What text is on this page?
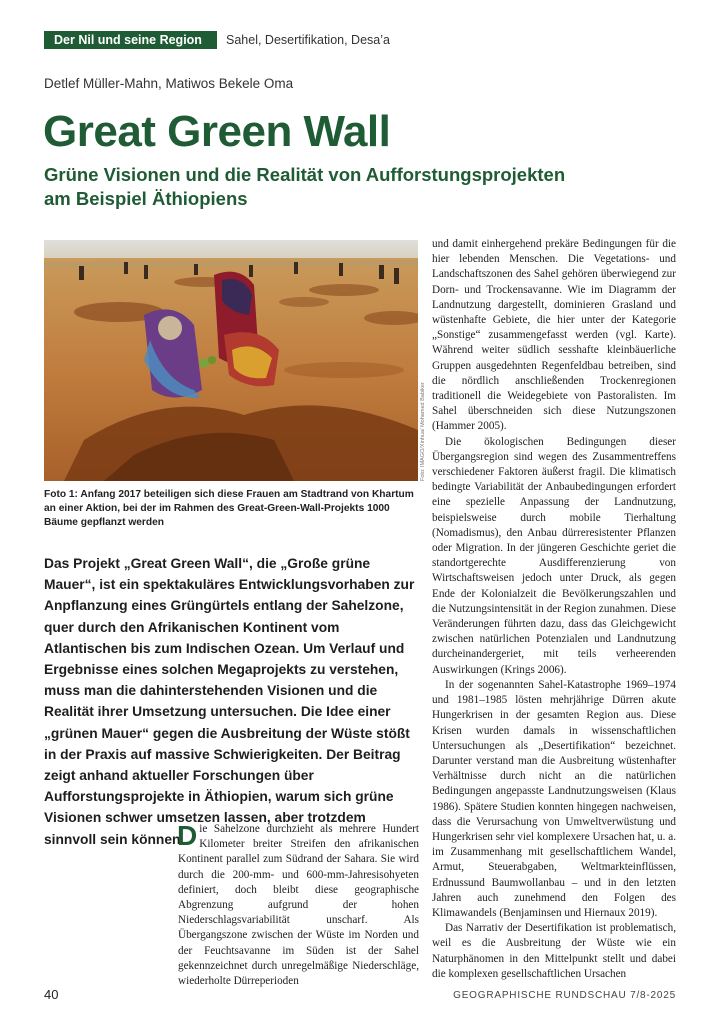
Der Nil und seine Region	Sahel, Desertifikation, Desa’a
Detlef Müller-Mahn, Matiwos Bekele Oma
Great Green Wall
Grüne Visionen und die Realität von Aufforstungsprojekten am Beispiel Äthiopiens
Foto: IMAGO/Xinhua/ Mohamed Babiker
Foto 1: Anfang 2017 beteiligen sich diese Frauen am Stadtrand von Khartum an einer Aktion, bei der im Rahmen des Great-Green-Wall-Projekts 1000 Bäume gepflanzt werden
Das Projekt „Great Green Wall“, die „Große grüne Mauer“, ist ein spektakuläres Entwicklungsvorhaben zur Anpflanzung eines Grüngürtels entlang der Sahelzone, quer durch den Afrikanischen Kontinent vom Atlantischen bis zum Indischen Ozean. Um Verlauf und Ergebnisse eines solchen Megaprojekts zu verstehen, muss man die dahinterstehenden Visionen und die Realität ihrer Umsetzung untersuchen. Die Idee einer „grünen Mauer“ gegen die Ausbreitung der Wüste stößt in der Praxis auf massive Schwierigkeiten. Der Beitrag zeigt anhand aktueller Forschungen über Aufforstungsprojekte in Äthiopien, warum sich grüne Visionen schwer umsetzen lassen, aber trotzdem sinnvoll sein können.
Die Sahelzone durchzieht als mehrere Hundert Kilometer breiter Streifen den afrikanischen Kontinent parallel zum Südrand der Sahara. Sie wird durch die 200-mm- und 600-mm-Jahresisohyeten definiert, doch bleibt diese geographische Abgrenzung aufgrund der hohen Niederschlagsvariabilität unscharf. Als Übergangszone zwischen der Wüste im Norden und der Feuchtsavanne im Süden ist der Sahel gekennzeichnet durch unregelmäßige Niederschläge, wiederholte Dürreperioden

und damit einhergehend prekäre Bedingungen für die hier lebenden Menschen. Die Vegetations- und Landschaftszonen des Sahel gehören überwiegend zur Dorn- und Trockensavanne. Wie im Diagramm der Landnutzung dargestellt, dominieren Grasland und wüstenhafte Gebiete, die hier unter der Kategorie „Sonstige“ zusammengefasst werden (vgl. Karte). Während weiter südlich sesshafte kleinbäuerliche Gruppen ausgedehnten Regenfeldbau betreiben, sind die nördlich anschließenden Trockenregionen traditionell die Weidegebiete von Pastoralisten. Im Sahel überschneiden sich diese Nutzungszonen (Hammer 2005).

Die ökologischen Bedingungen dieser Übergangsregion sind wegen des Zusammentreffens verschiedener Faktoren äußerst fragil. Die klimatisch bedingte Variabilität der Anbaubedingungen erfordert eine spezielle Anpassung der Landnutzung, beispielsweise durch mobile Tierhaltung (Nomadismus), den Anbau dürreresistenter Pflanzen oder Migration. In der jüngeren Geschichte geriet die standortgerechte Ausdifferenzierung von Wirtschaftsweisen jedoch unter Druck, als gegen Ende der Kolonialzeit die Bevölkerungszahlen und die Nutzungsintensität in der Region zunahmen. Diese Veränderungen führten dazu, dass das Gleichgewicht zwischen natürlichen Potenzialen und Landnutzung durcheinandergeriet, mit teils verheerenden Auswirkungen (Krings 2006).

In der sogenannten Sahel-Katastrophe 1969–1974 und 1981–1985 lösten mehrjährige Dürren akute Hungerkrisen in der gesamten Region aus. Diese Krisen wurden damals in wissenschaftlichen Untersuchungen als „Desertifikation“ bezeichnet. Darunter verstand man die Ausbreitung wüstenhafter Verhältnisse durch nicht an die natürlichen Bedingungen angepasste Landnutzungsweisen (Klaus 1986). Spätere Studien konnten hingegen nachweisen, dass die Verursachung von Umweltverwüstung und Hungerkrisen sehr viel komplexere Ursachen hat, u. a. im Zusammenhang mit gesellschaftlichem Wandel, Armut, Steuerabgaben, Weltmarkteinflüssen, Erdnussund Baumwollanbau – und in den letzten Jahren auch zunehmend den Folgen des Klimawandels (Benjaminsen und Hiernaux 2019).

Das Narrativ der Desertifikation ist problematisch, weil es die Ausbreitung der Wüste wie ein Naturphänomen in den Mittelpunkt stellt und dabei die komplexen gesellschaftlichen Ursachen

40	GEOGRAPHISCHE RUNDSCHAU 7/8-2025
